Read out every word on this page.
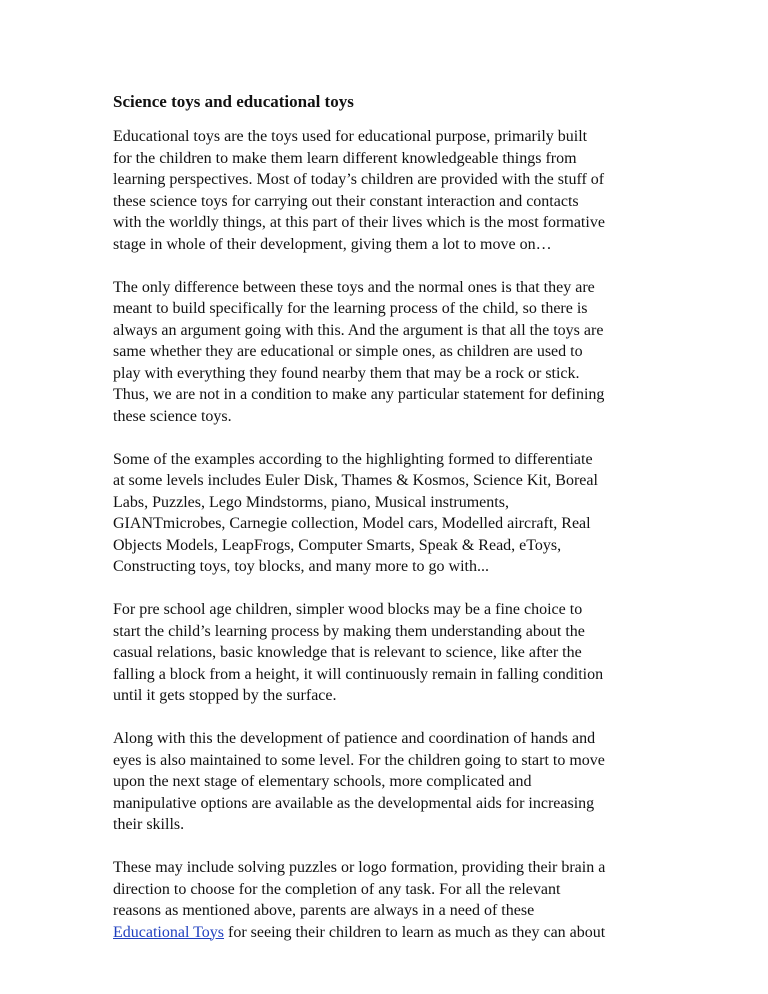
Science toys and educational toys
Educational toys are the toys used for educational purpose, primarily built
for the children to make them learn different knowledgeable things from
learning perspectives. Most of today’s children are provided with the stuff of
these science toys for carrying out their constant interaction and contacts
with the worldly things, at this part of their lives which is the most formative
stage in whole of their development, giving them a lot to move on…
The only difference between these toys and the normal ones is that they are
meant to build specifically for the learning process of the child, so there is
always an argument going with this. And the argument is that all the toys are
same whether they are educational or simple ones, as children are used to
play with everything they found nearby them that may be a rock or stick.
Thus, we are not in a condition to make any particular statement for defining
these science toys.
Some of the examples according to the highlighting formed to differentiate
at some levels includes Euler Disk, Thames & Kosmos, Science Kit, Boreal
Labs, Puzzles, Lego Mindstorms, piano, Musical instruments,
GIANTmicrobes, Carnegie collection, Model cars, Modelled aircraft, Real
Objects Models, LeapFrogs, Computer Smarts, Speak & Read, eToys,
Constructing toys, toy blocks, and many more to go with...
For pre school age children, simpler wood blocks may be a fine choice to
start the child’s learning process by making them understanding about the
casual relations, basic knowledge that is relevant to science, like after the
falling a block from a height, it will continuously remain in falling condition
until it gets stopped by the surface.
Along with this the development of patience and coordination of hands and
eyes is also maintained to some level. For the children going to start to move
upon the next stage of elementary schools, more complicated and
manipulative options are available as the developmental aids for increasing
their skills.
These may include solving puzzles or logo formation, providing their brain a
direction to choose for the completion of any task. For all the relevant
reasons as mentioned above, parents are always in a need of these
Educational Toys for seeing their children to learn as much as they can about
